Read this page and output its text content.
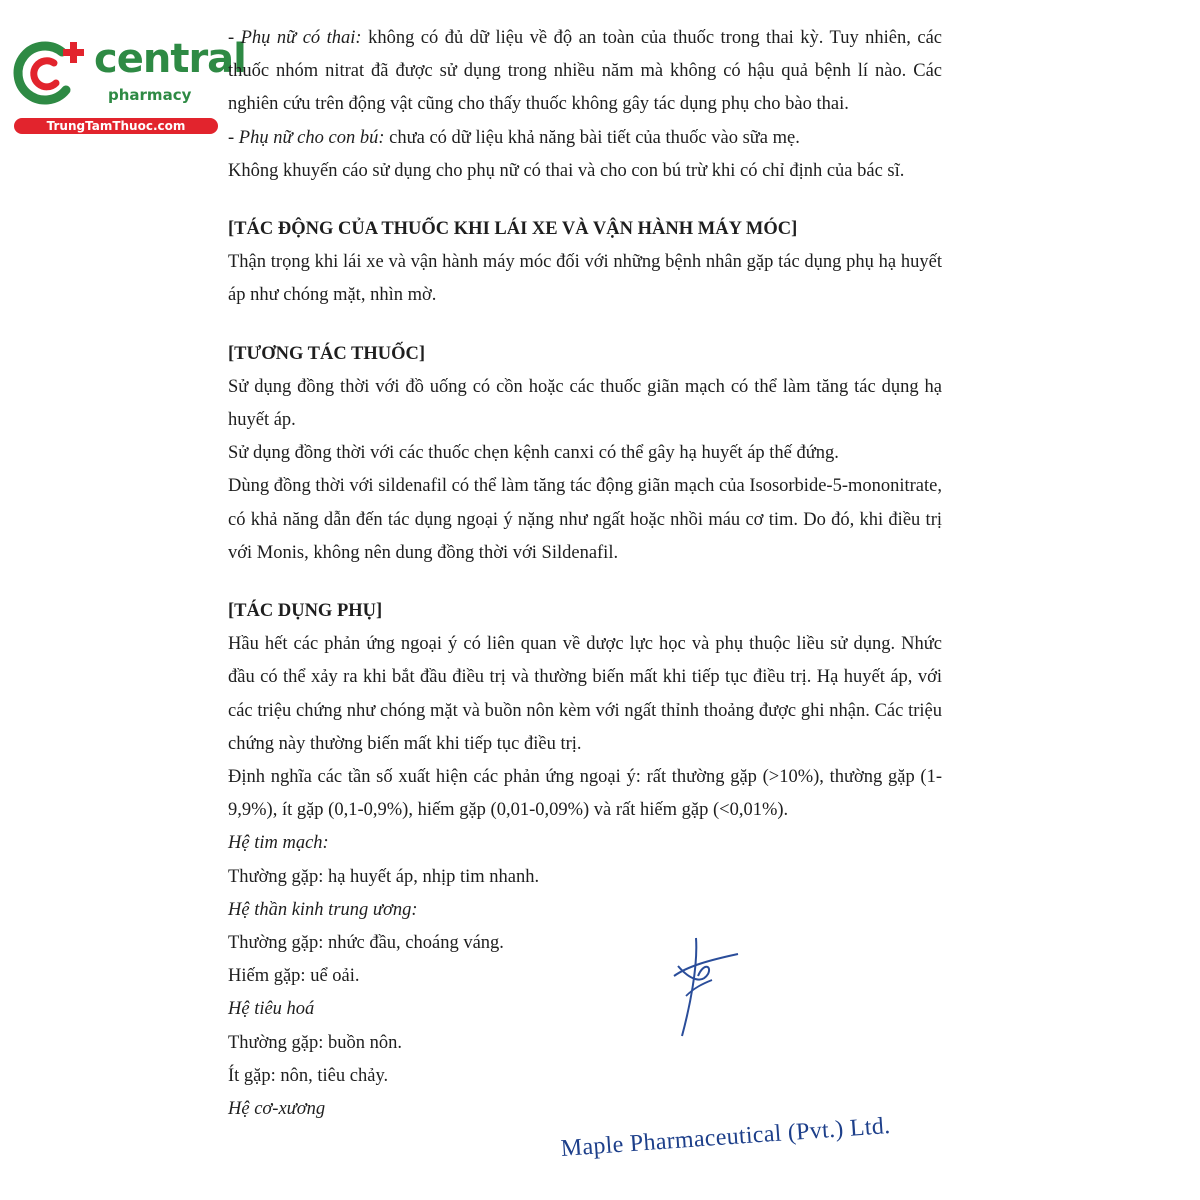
central
pharmacy
TrungTamThuoc.com

- Phụ nữ có thai: không có đủ dữ liệu về độ an toàn của thuốc trong thai kỳ. Tuy nhiên, các thuốc nhóm nitrat đã được sử dụng trong nhiều năm mà không có hậu quả bệnh lí nào. Các nghiên cứu trên động vật cũng cho thấy thuốc không gây tác dụng phụ cho bào thai.

- Phụ nữ cho con bú: chưa có dữ liệu khả năng bài tiết của thuốc vào sữa mẹ.

Không khuyến cáo sử dụng cho phụ nữ có thai và cho con bú trừ khi có chỉ định của bác sĩ.

[TÁC ĐỘNG CỦA THUỐC KHI LÁI XE VÀ VẬN HÀNH MÁY MÓC]

Thận trọng khi lái xe và vận hành máy móc đối với những bệnh nhân gặp tác dụng phụ hạ huyết áp như chóng mặt, nhìn mờ.

[TƯƠNG TÁC THUỐC]

Sử dụng đồng thời với đồ uống có cồn hoặc các thuốc giãn mạch có thể làm tăng tác dụng hạ huyết áp.

Sử dụng đồng thời với các thuốc chẹn kệnh canxi có thể gây hạ huyết áp thế đứng.

Dùng đồng thời với sildenafil có thể làm tăng tác động giãn mạch của Isosorbide-5-mononitrate, có khả năng dẫn đến tác dụng ngoại ý nặng như ngất hoặc nhồi máu cơ tim. Do đó, khi điều trị với Monis, không nên dung đồng thời với Sildenafil.

[TÁC DỤNG PHỤ]

Hầu hết các phản ứng ngoại ý có liên quan về dược lực học và phụ thuộc liều sử dụng. Nhức đầu có thể xảy ra khi bắt đầu điều trị và thường biến mất khi tiếp tục điều trị. Hạ huyết áp, với các triệu chứng như chóng mặt và buồn nôn kèm với ngất thỉnh thoảng được ghi nhận. Các triệu chứng này thường biến mất khi tiếp tục điều trị.

Định nghĩa các tần số xuất hiện các phản ứng ngoại ý: rất thường gặp (>10%), thường gặp (1-9,9%), ít gặp (0,1-0,9%), hiếm gặp (0,01-0,09%) và rất hiếm gặp (<0,01%).

Hệ tim mạch:

Thường gặp: hạ huyết áp, nhịp tim nhanh.

Hệ thần kinh trung ương:

Thường gặp: nhức đầu, choáng váng.

Hiếm gặp: uể oải.

Hệ tiêu hoá

Thường gặp: buồn nôn.

Ít gặp: nôn, tiêu chảy.

Hệ cơ-xương

Maple Pharmaceutical (Pvt.) Ltd.
